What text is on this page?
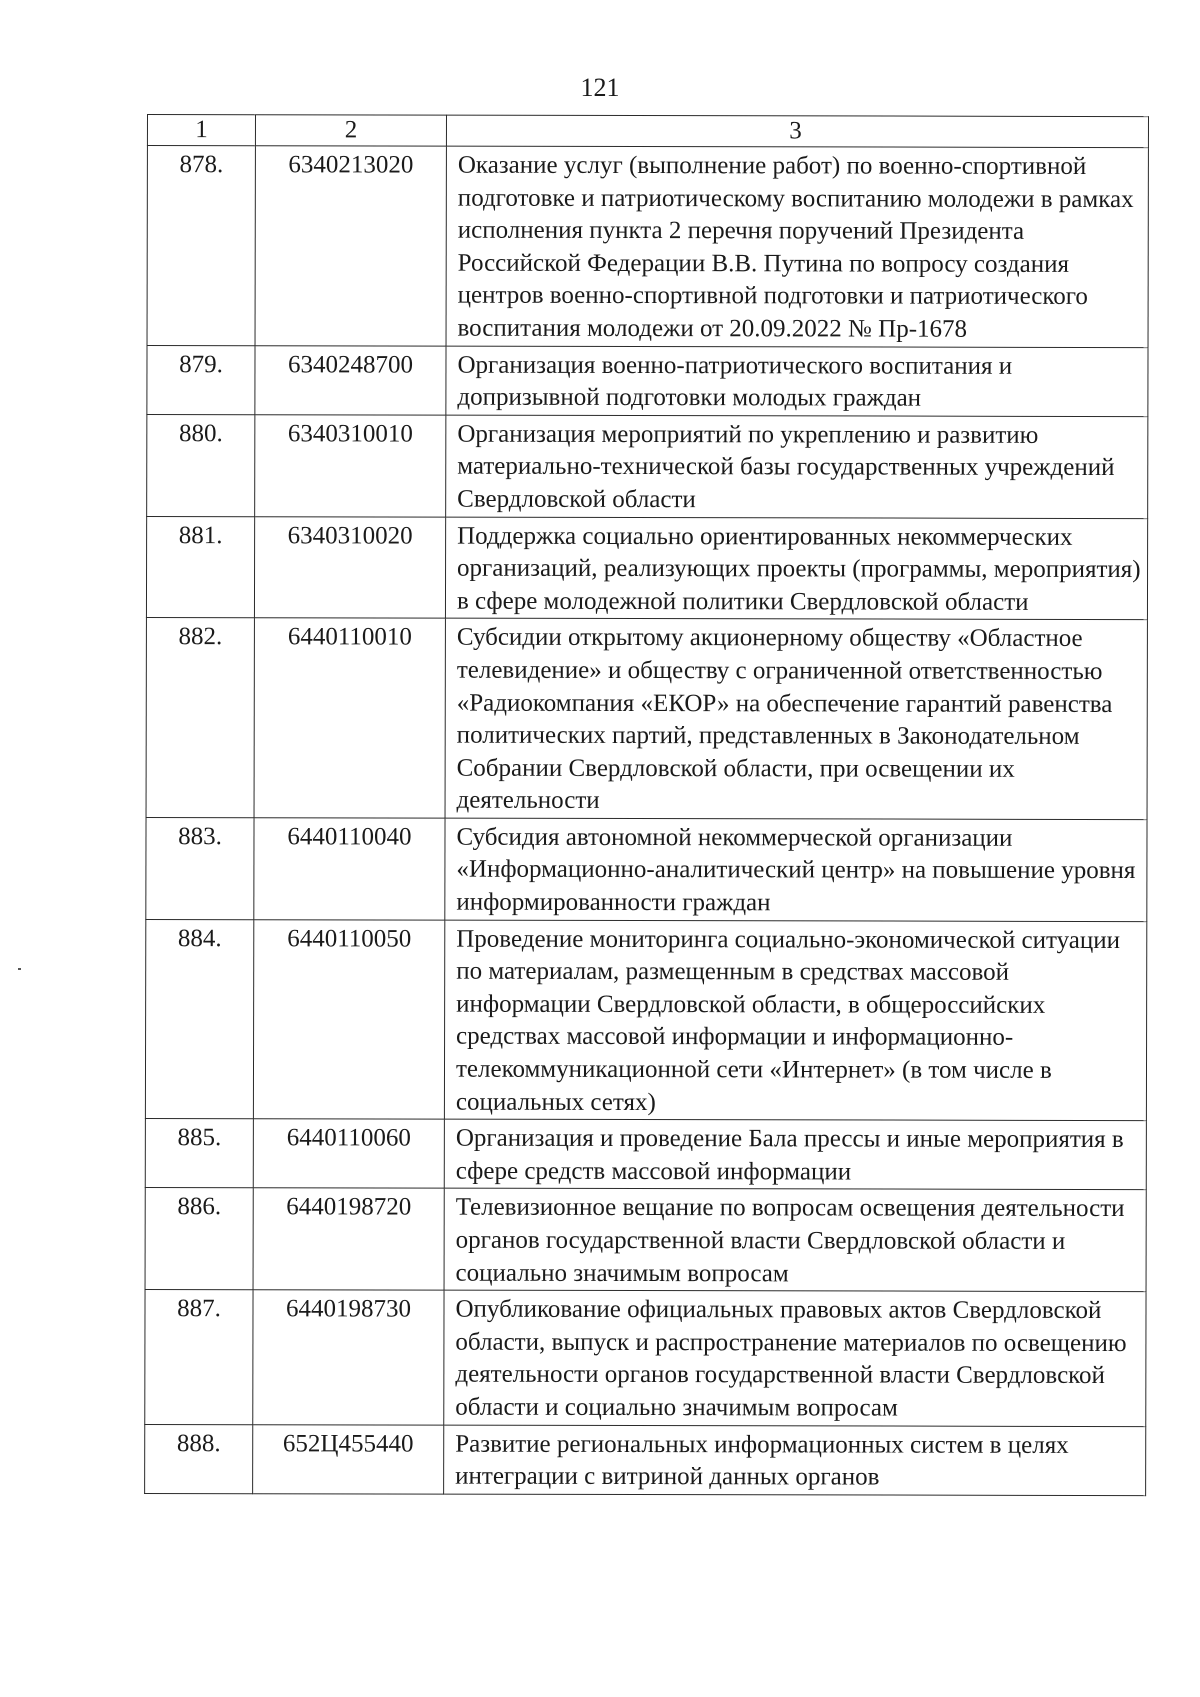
121
1	2	3
878.	6340213020	Оказание услуг (выполнение работ) по военно-спортивной подготовке и патриотическому воспитанию молодежи в рамках исполнения пункта 2 перечня поручений Президента Российской Федерации В.В. Путина по вопросу создания центров военно-спортивной подготовки и патриотического воспитания молодежи от 20.09.2022 № Пр-1678
879.	6340248700	Организация военно-патриотического воспитания и допризывной подготовки молодых граждан
880.	6340310010	Организация мероприятий по укреплению и развитию материально-технической базы государственных учреждений Свердловской области
881.	6340310020	Поддержка социально ориентированных некоммерческих организаций, реализующих проекты (программы, мероприятия) в сфере молодежной политики Свердловской области
882.	6440110010	Субсидии открытому акционерному обществу «Областное телевидение» и обществу с ограниченной ответственностью «Радиокомпания «ЕКОР» на обеспечение гарантий равенства политических партий, представленных в Законодательном Собрании Свердловской области, при освещении их деятельности
883.	6440110040	Субсидия автономной некоммерческой организации «Информационно-аналитический центр» на повышение уровня информированности граждан
884.	6440110050	Проведение мониторинга социально-экономической ситуации по материалам, размещенным в средствах массовой информации Свердловской области, в общероссийских средствах массовой информации и информационно-телекоммуникационной сети «Интернет» (в том числе в социальных сетях)
885.	6440110060	Организация и проведение Бала прессы и иные мероприятия в сфере средств массовой информации
886.	6440198720	Телевизионное вещание по вопросам освещения деятельности органов государственной власти Свердловской области и социально значимым вопросам
887.	6440198730	Опубликование официальных правовых актов Свердловской области, выпуск и распространение материалов по освещению деятельности органов государственной власти Свердловской области и социально значимым вопросам
888.	652Ц455440	Развитие региональных информационных систем в целях интеграции с витриной данных органов
